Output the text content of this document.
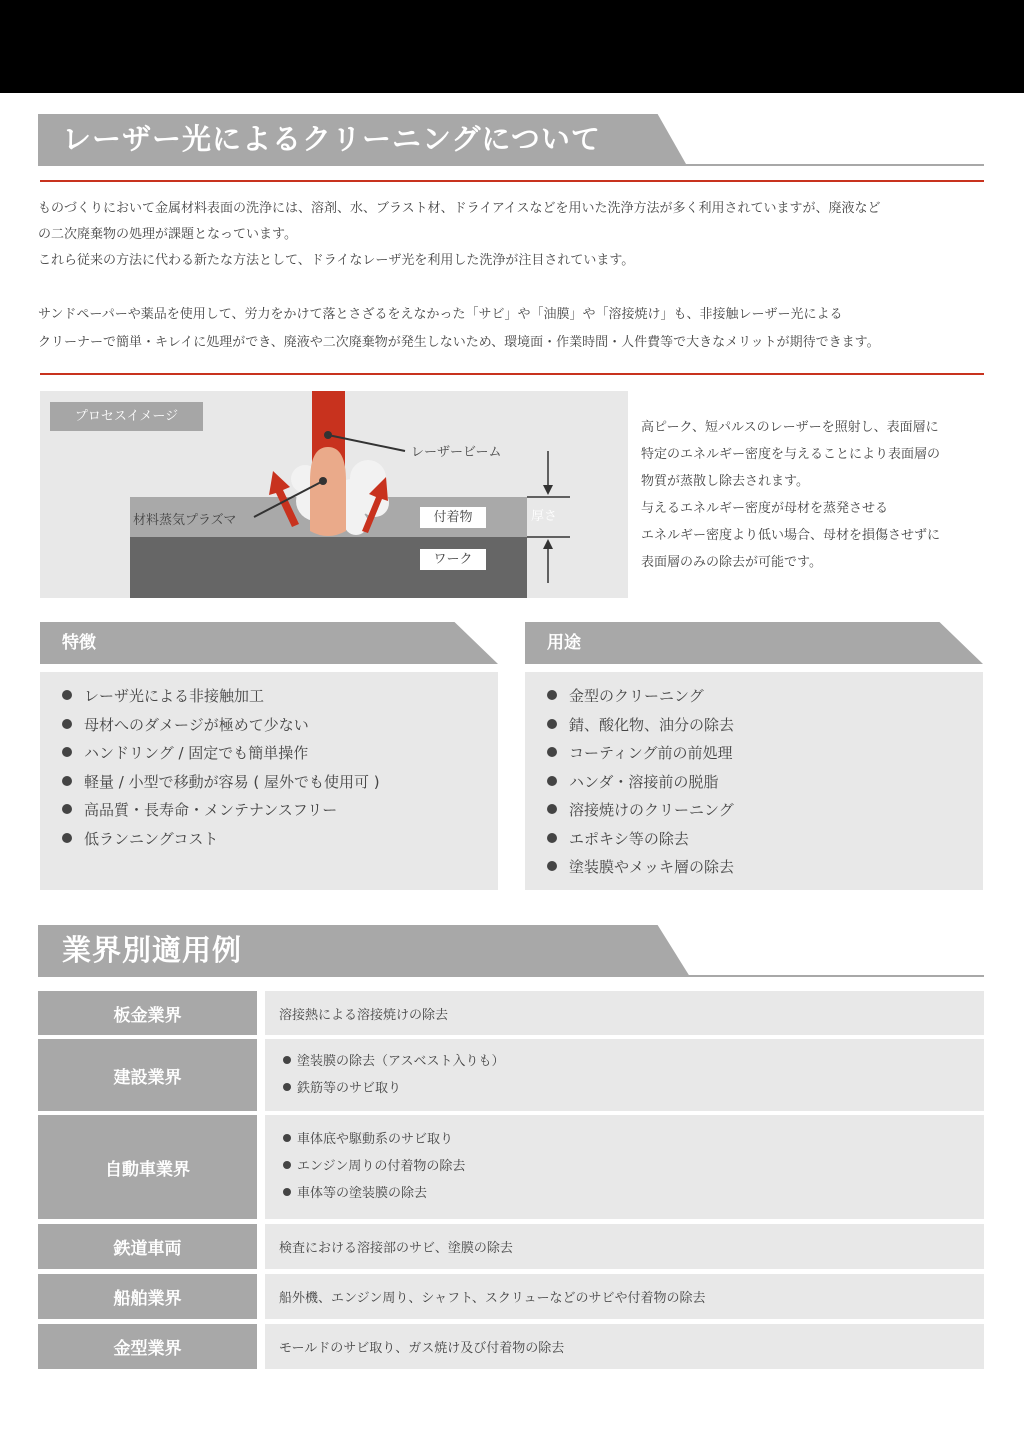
レーザー光によるクリーニングについて

ものづくりにおいて金属材料表面の洗浄には、溶剤、水、ブラスト材、ドライアイスなどを用いた洗浄方法が多く利用されていますが、廃液など

の二次廃棄物の処理が課題となっています。

これら従来の方法に代わる新たな方法として、ドライなレーザ光を利用した洗浄が注目されています。

サンドペーパーや薬品を使用して、労力をかけて落とさざるをえなかった「サビ」や「油膜」や「溶接焼け」も、非接触レーザー光による

クリーナーで簡単・キレイに処理ができ、廃液や二次廃棄物が発生しないため、環境面・作業時間・人件費等で大きなメリットが期待できます。

プロセスイメージ
レーザービーム
材料蒸気プラズマ	付着物
ワーク
厚さ
高ピーク、短パルスのレーザーを照射し、表面層に
特定のエネルギー密度を与えることにより表面層の
物質が蒸散し除去されます。
与えるエネルギー密度が母材を蒸発させる
エネルギー密度より低い場合、母材を損傷させずに
表面層のみの除去が可能です。
特徴
レーザ光による非接触加工
母材へのダメージが極めて少ない
ハンドリング / 固定でも簡単操作
軽量 / 小型で移動が容易 ( 屋外でも使用可 )
高品質・長寿命・メンテナンスフリー
低ランニングコスト
用途
金型のクリーニング
錆、酸化物、油分の除去
コーティング前の前処理
ハンダ・溶接前の脱脂
溶接焼けのクリーニング
エポキシ等の除去
塗装膜やメッキ層の除去
業界別適用例
板金業界	溶接熱による溶接焼けの除去
建設業界
塗装膜の除去（アスベスト入りも）
鉄筋等のサビ取り
自動車業界
車体底や駆動系のサビ取り
エンジン周りの付着物の除去
車体等の塗装膜の除去
鉄道車両	検査における溶接部のサビ、塗膜の除去
船舶業界	船外機、エンジン周り、シャフト、スクリューなどのサビや付着物の除去
金型業界	モールドのサビ取り、ガス焼け及び付着物の除去
